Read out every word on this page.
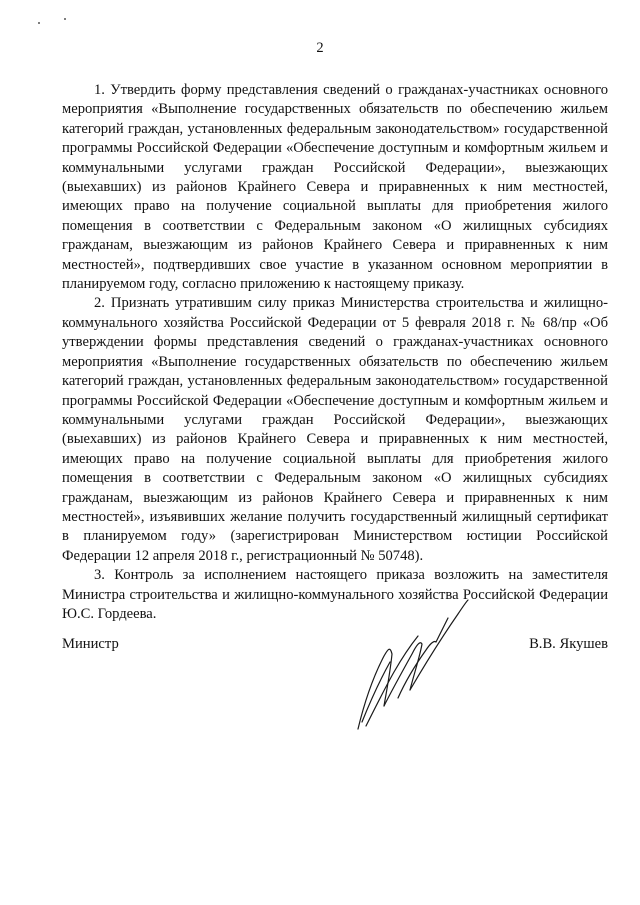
2

1. Утвердить форму представления сведений о гражданах-участниках основного мероприятия «Выполнение государственных обязательств по обеспечению жильем категорий граждан, установленных федеральным законодательством» государственной программы Российской Федерации «Обеспечение доступным и комфортным жильем и коммунальными услугами граждан Российской Федерации», выезжающих (выехавших) из районов Крайнего Севера и приравненных к ним местностей, имеющих право на получение социальной выплаты для приобретения жилого помещения в соответствии с Федеральным законом «О жилищных субсидиях гражданам, выезжающим из районов Крайнего Севера и приравненных к ним местностей», подтвердивших свое участие в указанном основном мероприятии в планируемом году, согласно приложению к настоящему приказу.

2. Признать утратившим силу приказ Министерства строительства и жилищно-коммунального хозяйства Российской Федерации от 5 февраля 2018 г. № 68/пр «Об утверждении формы представления сведений о гражданах-участниках основного мероприятия «Выполнение государственных обязательств по обеспечению жильем категорий граждан, установленных федеральным законодательством» государственной программы Российской Федерации «Обеспечение доступным и комфортным жильем и коммунальными услугами граждан Российской Федерации», выезжающих (выехавших) из районов Крайнего Севера и приравненных к ним местностей, имеющих право на получение социальной выплаты для приобретения жилого помещения в соответствии с Федеральным законом «О жилищных субсидиях гражданам, выезжающим из районов Крайнего Севера и приравненных к ним местностей», изъявивших желание получить государственный жилищный сертификат в планируемом году» (зарегистрирован Министерством юстиции Российской Федерации 12 апреля 2018 г., регистрационный № 50748).

3. Контроль за исполнением настоящего приказа возложить на заместителя Министра строительства и жилищно-коммунального хозяйства Российской Федерации Ю.С. Гордеева.

Министр	В.В. Якушев
